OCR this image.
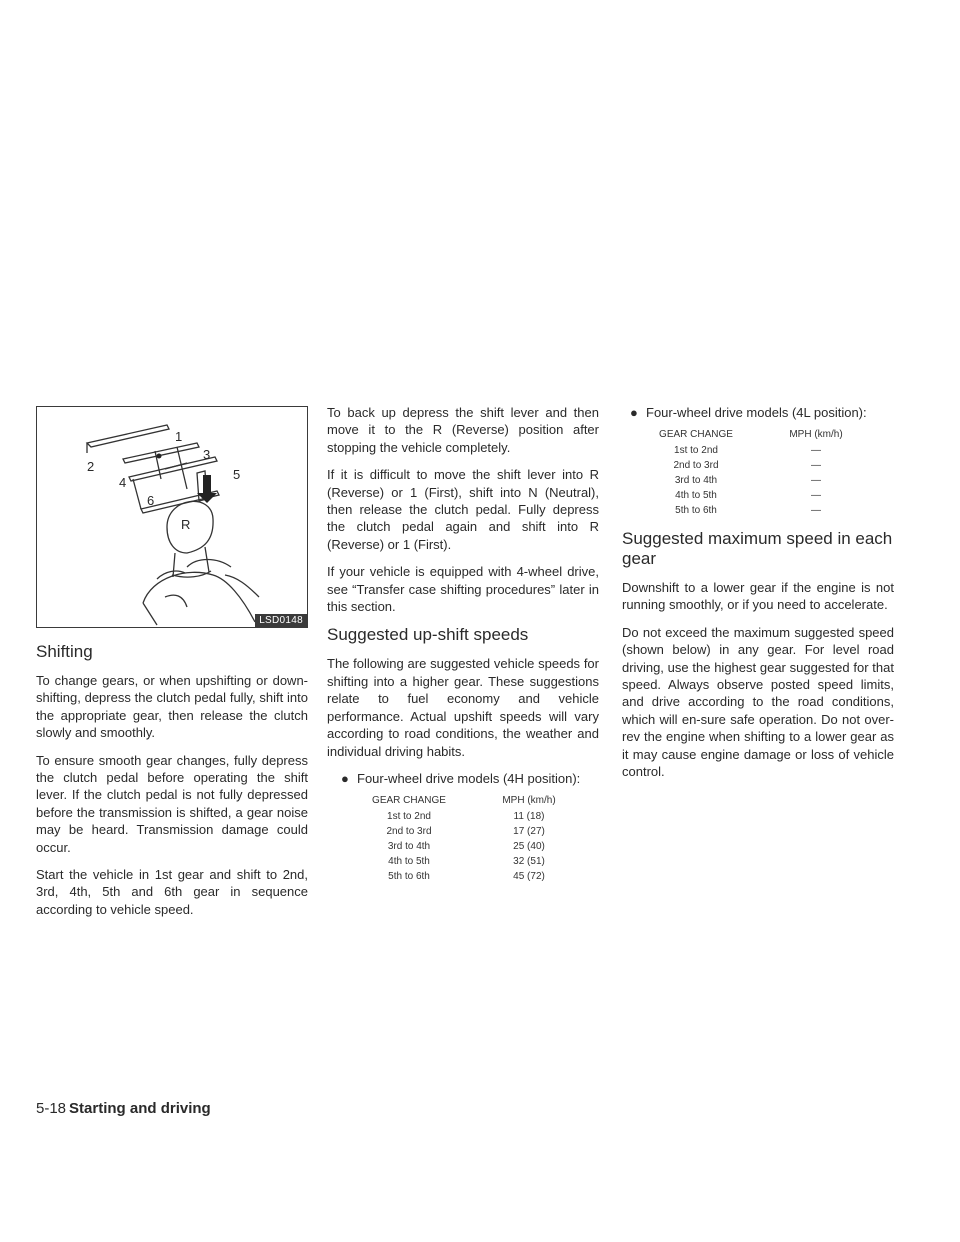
1
2
3
4
5
6
R
LSD0148
Shifting

To change gears, or when upshifting or down-shifting, depress the clutch pedal fully, shift into the appropriate gear, then release the clutch slowly and smoothly.

To ensure smooth gear changes, fully depress the clutch pedal before operating the shift lever. If the clutch pedal is not fully depressed before the transmission is shifted, a gear noise may be heard. Transmission damage could occur.

Start the vehicle in 1st gear and shift to 2nd, 3rd, 4th, 5th and 6th gear in sequence according to vehicle speed.

To back up depress the shift lever and then move it to the R (Reverse) position after stopping the vehicle completely.

If it is difficult to move the shift lever into R (Reverse) or 1 (First), shift into N (Neutral), then release the clutch pedal. Fully depress the clutch pedal again and shift into R (Reverse) or 1 (First).

If your vehicle is equipped with 4-wheel drive, see “Transfer case shifting procedures” later in this section.

Suggested up-shift speeds

The following are suggested vehicle speeds for shifting into a higher gear. These suggestions relate to fuel economy and vehicle performance. Actual upshift speeds will vary according to road conditions, the weather and individual driving habits.

● Four-wheel drive models (4H position):
GEAR CHANGE	MPH (km/h)
1st to 2nd	11 (18)
2nd to 3rd	17 (27)
3rd to 4th	25 (40)
4th to 5th	32 (51)
5th to 6th	45 (72)
● Four-wheel drive models (4L position):
GEAR CHANGE	MPH (km/h)
1st to 2nd	—
2nd to 3rd	—
3rd to 4th	—
4th to 5th	—
5th to 6th	—
Suggested maximum speed in each gear

Downshift to a lower gear if the engine is not running smoothly, or if you need to accelerate.

Do not exceed the maximum suggested speed (shown below) in any gear. For level road driving, use the highest gear suggested for that speed. Always observe posted speed limits, and drive according to the road conditions, which will en-sure safe operation. Do not over-rev the engine when shifting to a lower gear as it may cause engine damage or loss of vehicle control.

5-18 Starting and driving
